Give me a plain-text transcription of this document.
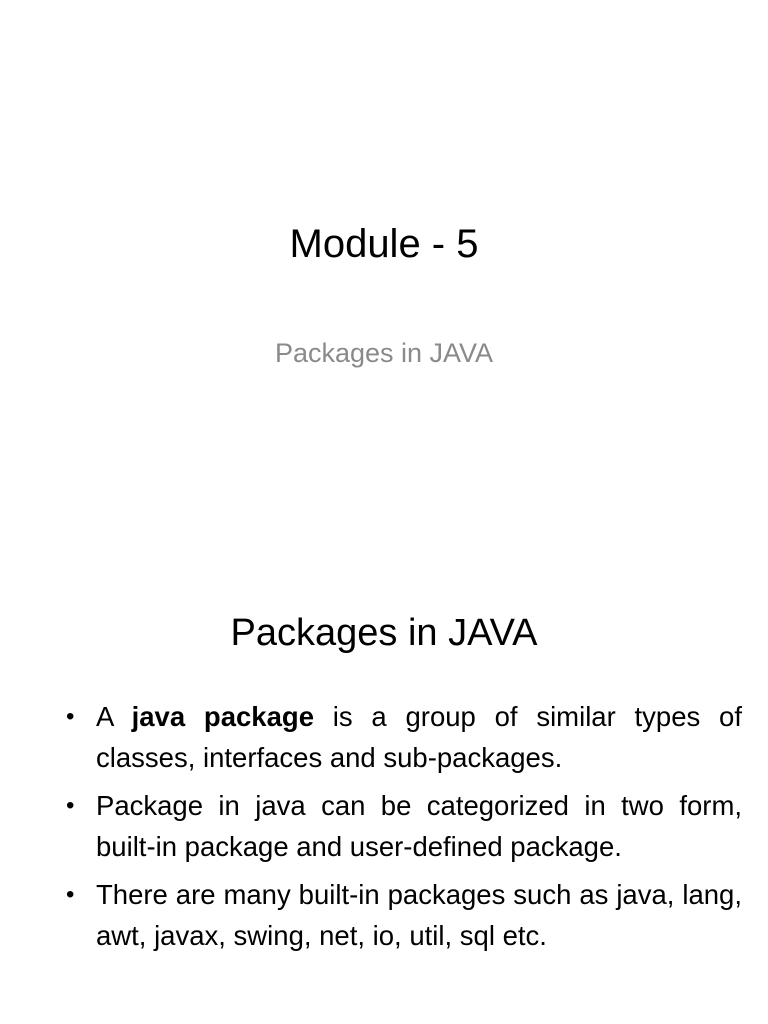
Module - 5
Packages in JAVA
Packages in JAVA
• A java package is a group of similar types of classes, interfaces and sub-packages.
• Package in java can be categorized in two form, built-in package and user-defined package.
• There are many built-in packages such as java, lang, awt, javax, swing, net, io, util, sql etc.
